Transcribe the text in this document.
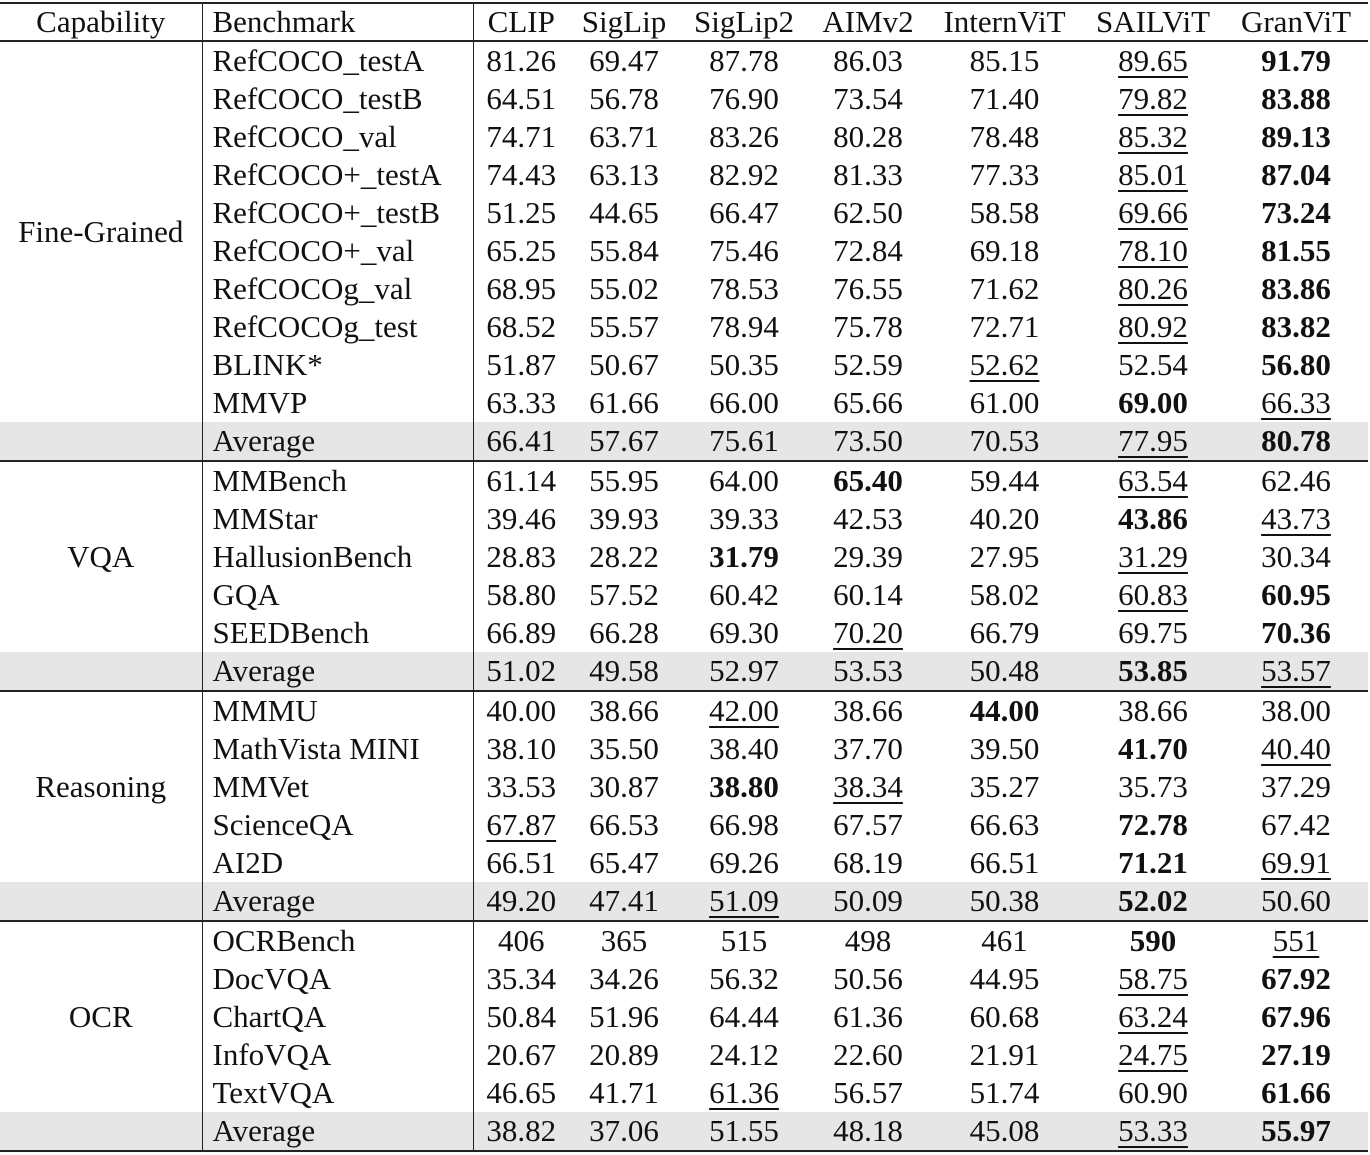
Capability	Benchmark	CLIP	SigLip	SigLip2	AIMv2	InternViT	SAILViT	GranViT
Fine-Grained	RefCOCO_testA	81.26	69.47	87.78	86.03	85.15	89.65	91.79
	RefCOCO_testB	64.51	56.78	76.90	73.54	71.40	79.82	83.88
	RefCOCO_val	74.71	63.71	83.26	80.28	78.48	85.32	89.13
	RefCOCO+_testA	74.43	63.13	82.92	81.33	77.33	85.01	87.04
	RefCOCO+_testB	51.25	44.65	66.47	62.50	58.58	69.66	73.24
	RefCOCO+_val	65.25	55.84	75.46	72.84	69.18	78.10	81.55
	RefCOCOg_val	68.95	55.02	78.53	76.55	71.62	80.26	83.86
	RefCOCOg_test	68.52	55.57	78.94	75.78	72.71	80.92	83.82
	BLINK*	51.87	50.67	50.35	52.59	52.62	52.54	56.80
	MMVP	63.33	61.66	66.00	65.66	61.00	69.00	66.33
	Average	66.41	57.67	75.61	73.50	70.53	77.95	80.78
VQA	MMBench	61.14	55.95	64.00	65.40	59.44	63.54	62.46
	MMStar	39.46	39.93	39.33	42.53	40.20	43.86	43.73
	HallusionBench	28.83	28.22	31.79	29.39	27.95	31.29	30.34
	GQA	58.80	57.52	60.42	60.14	58.02	60.83	60.95
	SEEDBench	66.89	66.28	69.30	70.20	66.79	69.75	70.36
	Average	51.02	49.58	52.97	53.53	50.48	53.85	53.57
Reasoning	MMMU	40.00	38.66	42.00	38.66	44.00	38.66	38.00
	MathVista MINI	38.10	35.50	38.40	37.70	39.50	41.70	40.40
	MMVet	33.53	30.87	38.80	38.34	35.27	35.73	37.29
	ScienceQA	67.87	66.53	66.98	67.57	66.63	72.78	67.42
	AI2D	66.51	65.47	69.26	68.19	66.51	71.21	69.91
	Average	49.20	47.41	51.09	50.09	50.38	52.02	50.60
OCR	OCRBench	406	365	515	498	461	590	551
	DocVQA	35.34	34.26	56.32	50.56	44.95	58.75	67.92
	ChartQA	50.84	51.96	64.44	61.36	60.68	63.24	67.96
	InfoVQA	20.67	20.89	24.12	22.60	21.91	24.75	27.19
	TextVQA	46.65	41.71	61.36	56.57	51.74	60.90	61.66
	Average	38.82	37.06	51.55	48.18	45.08	53.33	55.97
